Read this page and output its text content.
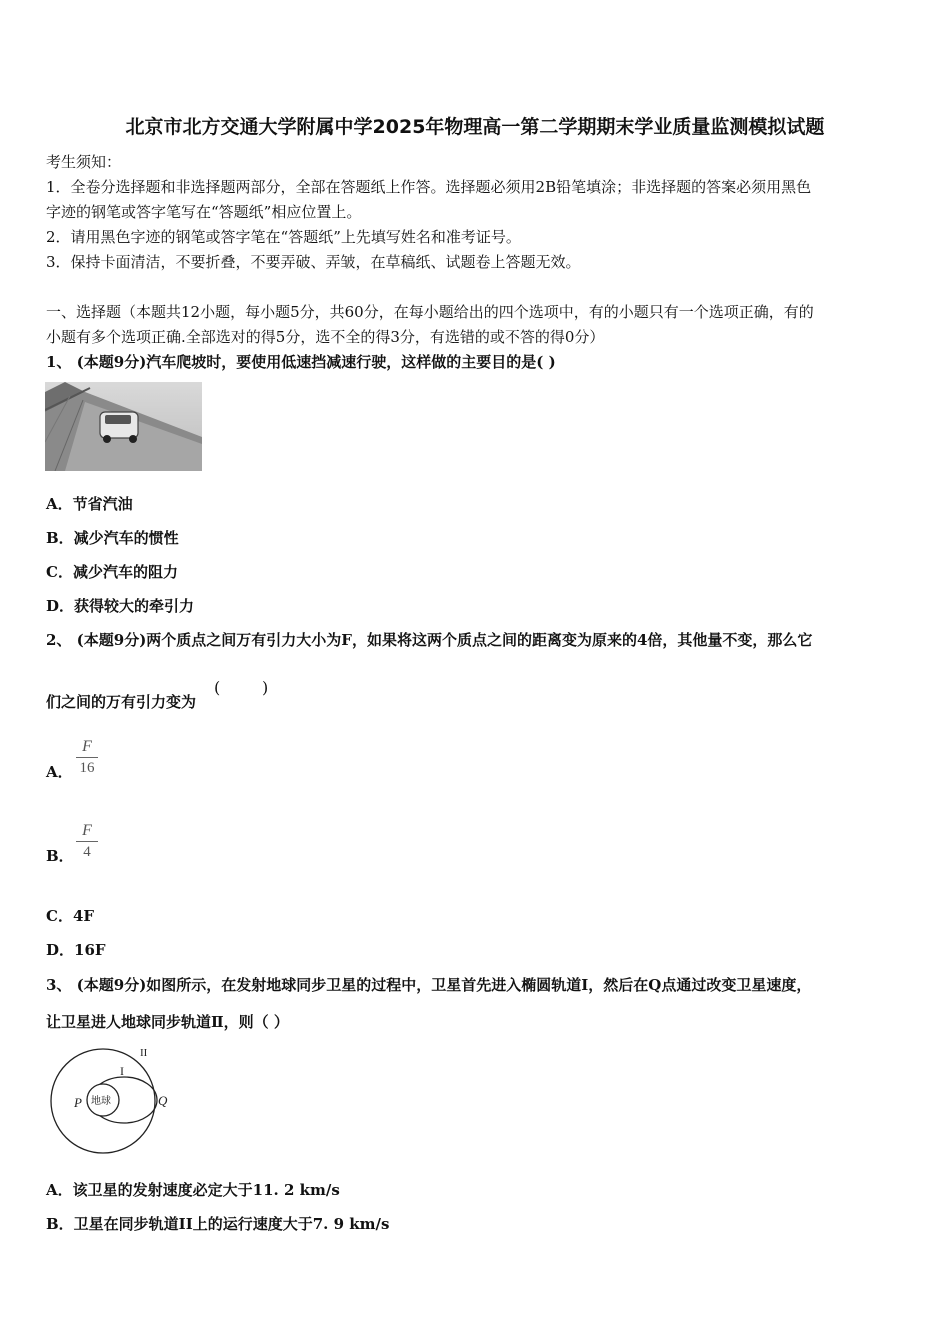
北京市北方交通大学附属中学2025年物理高一第二学期期末学业质量监测模拟试题
考生须知：
1．全卷分选择题和非选择题两部分，全部在答题纸上作答。选择题必须用2B铅笔填涂；非选择题的答案必须用黑色
字迹的钢笔或答字笔写在“答题纸”相应位置上。
2．请用黑色字迹的钢笔或答字笔在“答题纸”上先填写姓名和准考证号。
3．保持卡面清洁，不要折叠，不要弄破、弄皱，在草稿纸、试题卷上答题无效。
一、选择题（本题共12小题，每小题5分，共60分，在每小题给出的四个选项中，有的小题只有一个选项正确，有的
小题有多个选项正确.全部选对的得5分，选不全的得3分，有选错的或不答的得0分）
1、 (本题9分)汽车爬坡时，要使用低速挡减速行驶，这样做的主要目的是( )
A．节省汽油
B．减少汽车的惯性
C．减少汽车的阻力
D．获得较大的牵引力
2、 (本题9分)两个质点之间万有引力大小为F，如果将这两个质点之间的距离变为原来的4倍，其他量不变，那么它
们之间的万有引力变为
(	)
A．
F
16
B．
F
4
C．4F
D．16F
3、 (本题9分)如图所示，在发射地球同步卫星的过程中，卫星首先进入椭圆轨道I，然后在Q点通过改变卫星速度，
让卫星进人地球同步轨道Ⅱ，则（ ）
II
I
P	Q
地球
A．该卫星的发射速度必定大于11. 2 km/s
B．卫星在同步轨道II上的运行速度大于7. 9 km/s
